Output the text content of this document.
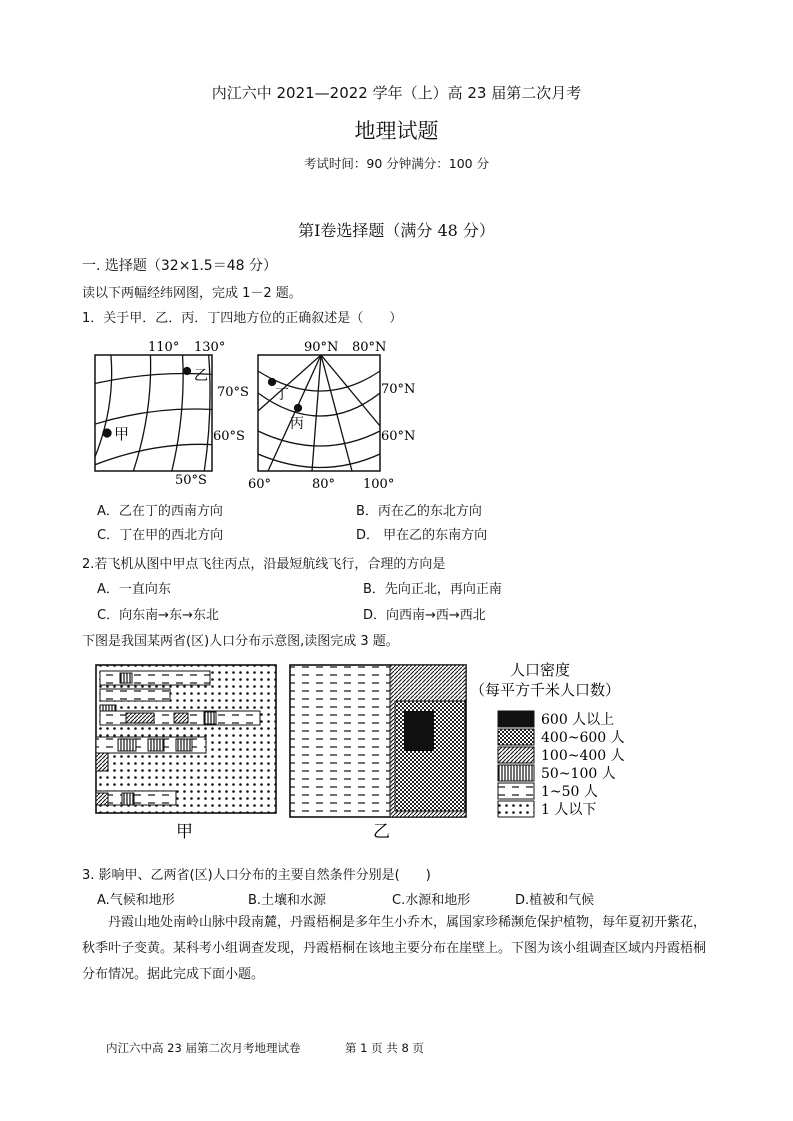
内江六中 2021—2022 学年（上）高 23 届第二次月考
地理试题
考试时间：90 分钟满分：100 分
第Ⅰ卷选择题（满分 48 分）
一. 选择题（32×1.5＝48 分）
读以下两幅经纬网图，完成 1－2 题。
1．关于甲．乙．丙．丁四地方位的正确叙述是（　　）
110° 130°
70°S
60°S
50°S
乙
甲
90°N 80°N
70°N
60°N
60°	80° 100°
丁
丙
A．乙在丁的西南方向	B．丙在乙的东北方向
C．丁在甲的西北方向	D． 甲在乙的东南方向
2.若飞机从图中甲点飞往丙点，沿最短航线飞行，合理的方向是
A．一直向东	B．先向正北，再向正南
C．向东南→东→东北	D．向西南→西→西北
下图是我国某两省(区)人口分布示意图,读图完成 3 题。
甲	乙
人口密度
（每平方千米人口数）
600 人以上
400~600 人
100~400 人
50~100 人
1~50 人
1 人以下
3. 影响甲、乙两省(区)人口分布的主要自然条件分别是(　　)
A.气候和地形	B.土壤和水源	C.水源和地形	D.植被和气候
丹霞山地处南岭山脉中段南麓，丹霞梧桐是多年生小乔木，属国家珍稀濒危保护植物，每年夏初开紫花，秋季叶子变黄。某科考小组调查发现，丹霞梧桐在该地主要分布在崖壁上。下图为该小组调查区域内丹霞梧桐分布情况。据此完成下面小题。
内江六中高 23 届第二次月考地理试卷	第 1 页 共 8 页
